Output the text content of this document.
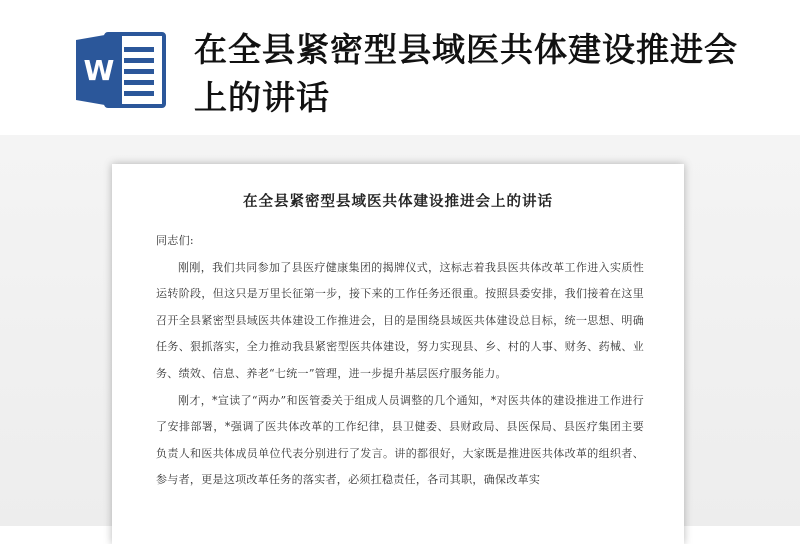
W
在全县紧密型县域医共体建设推进会上的讲话
在全县紧密型县域医共体建设推进会上的讲话

同志们:

刚刚，我们共同参加了县医疗健康集团的揭牌仪式，这标志着我县医共体改革工作进入实质性运转阶段，但这只是万里长征第一步，接下来的工作任务还很重。按照县委安排，我们接着在这里召开全县紧密型县域医共体建设工作推进会，目的是围绕县域医共体建设总目标，统一思想、明确任务、狠抓落实，全力推动我县紧密型医共体建设，努力实现县、乡、村的人事、财务、药械、业务、绩效、信息、养老“七统一”管理，进一步提升基层医疗服务能力。

刚才，*宣读了“两办”和医管委关于组成人员调整的几个通知，*对医共体的建设推进工作进行了安排部署，*强调了医共体改革的工作纪律，县卫健委、县财政局、县医保局、县医疗集团主要负责人和医共体成员单位代表分别进行了发言。讲的都很好，大家既是推进医共体改革的组织者、参与者，更是这项改革任务的落实者，必须扛稳责任，各司其职，确保改革实
